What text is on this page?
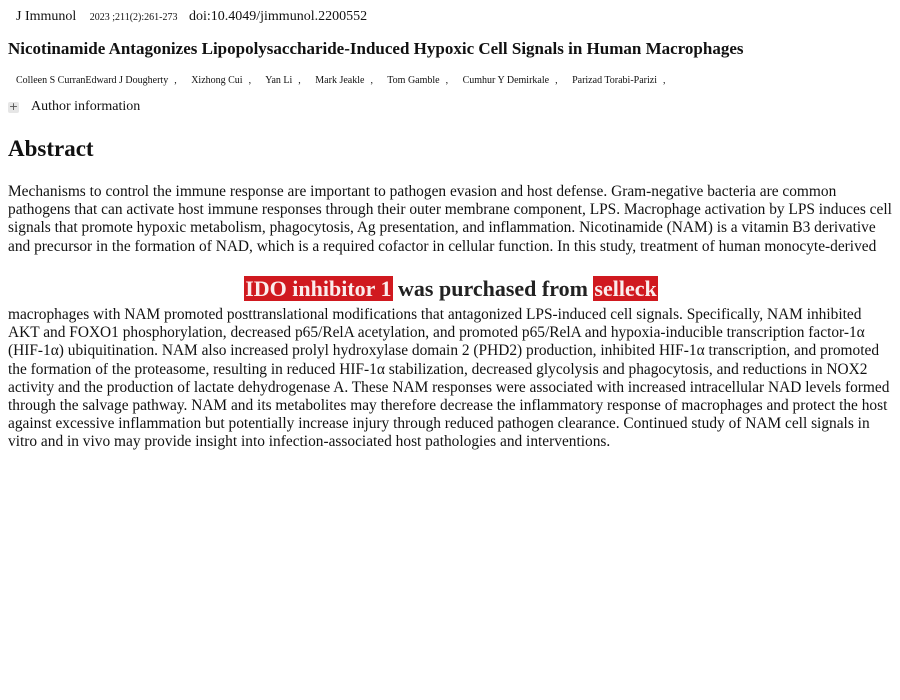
J Immunol 2023 ;211(2):261-273 doi:10.4049/jimmunol.2200552
Nicotinamide Antagonizes Lipopolysaccharide-Induced Hypoxic Cell Signals in Human Macrophages
Colleen S CurranEdward J Dougherty , Xizhong Cui , Yan Li , Mark Jeakle , Tom Gamble , Cumhur Y Demirkale , Parizad Torabi-Parizi ,
+ Author information
Abstract
IDO inhibitor 1 was purchased from selleck
Mechanisms to control the immune response are important to pathogen evasion and host defense. Gram-negative bacteria are common pathogens that can activate host immune responses through their outer membrane component, LPS. Macrophage activation by LPS induces cell signals that promote hypoxic metabolism, phagocytosis, Ag presentation, and inflammation. Nicotinamide (NAM) is a vitamin B3 derivative and precursor in the formation of NAD, which is a required cofactor in cellular function. In this study, treatment of human monocyte-derived macrophages with NAM promoted posttranslational modifications that antagonized LPS-induced cell signals. Specifically, NAM inhibited AKT and FOXO1 phosphorylation, decreased p65/RelA acetylation, and promoted p65/RelA and hypoxia-inducible transcription factor-1α (HIF-1α) ubiquitination. NAM also increased prolyl hydroxylase domain 2 (PHD2) production, inhibited HIF-1α transcription, and promoted the formation of the proteasome, resulting in reduced HIF-1α stabilization, decreased glycolysis and phagocytosis, and reductions in NOX2 activity and the production of lactate dehydrogenase A. These NAM responses were associated with increased intracellular NAD levels formed through the salvage pathway. NAM and its metabolites may therefore decrease the inflammatory response of macrophages and protect the host against excessive inflammation but potentially increase injury through reduced pathogen clearance. Continued study of NAM cell signals in vitro and in vivo may provide insight into infection-associated host pathologies and interventions.
